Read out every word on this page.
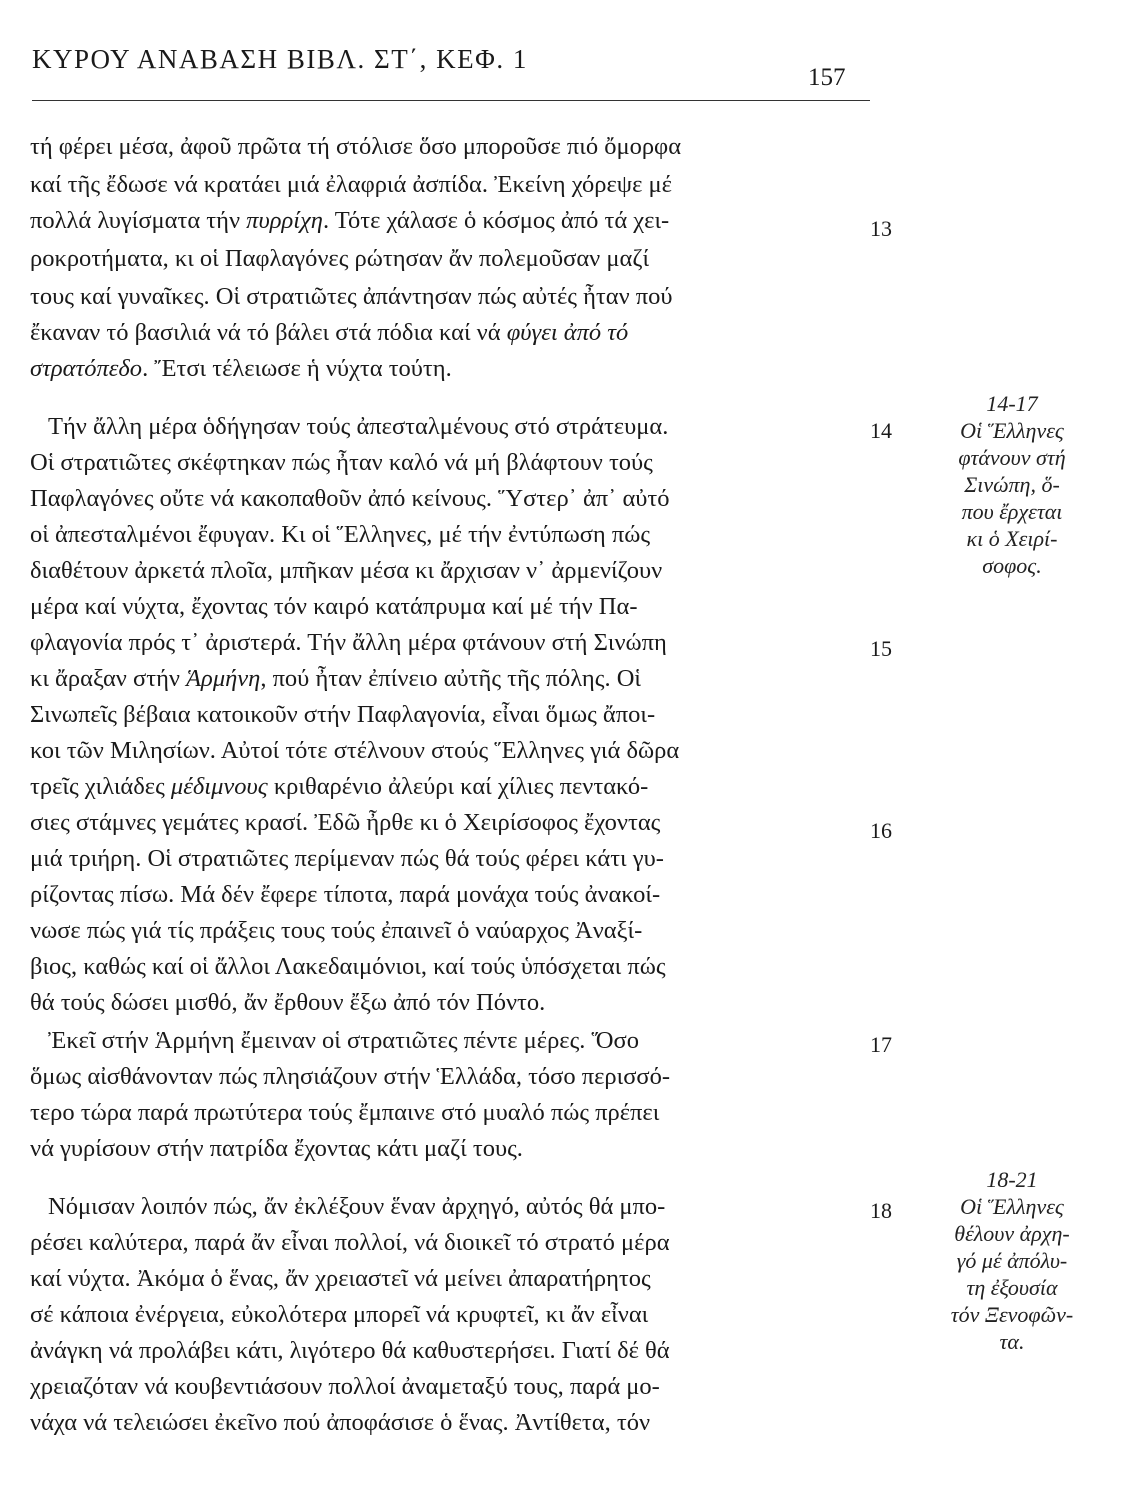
ΚΥΡΟΥ ΑΝΑΒΑΣΗ ΒΙΒΛ. ΣΤ΄, ΚΕΦ. 1
157
τή φέρει μέσα, ἀφοῦ πρῶτα τή στόλισε ὅσο μποροῦσε πιό ὄμορφα
καί τῆς ἔδωσε νά κρατάει μιά ἐλαφριά ἀσπίδα. Ἐκείνη χόρεψε μέ
πολλά λυγίσματα τήν πυρρίχη. Τότε χάλασε ὁ κόσμος ἀπό τά χει-
ροκροτήματα, κι οἱ Παφλαγόνες ρώτησαν ἄν πολεμοῦσαν μαζί
τους καί γυναῖκες. Οἱ στρατιῶτες ἀπάντησαν πώς αὐτές ἦταν πού
ἔκαναν τό βασιλιά νά τό βάλει στά πόδια καί νά φύγει ἀπό τό
στρατόπεδο. Ἔτσι τέλειωσε ἡ νύχτα τούτη.
Τήν ἄλλη μέρα ὁδήγησαν τούς ἀπεσταλμένους στό στράτευμα.
Οἱ στρατιῶτες σκέφτηκαν πώς ἦταν καλό νά μή βλάφτουν τούς
Παφλαγόνες οὔτε νά κακοπαθοῦν ἀπό κείνους. Ὕστερ᾽ ἀπ᾽ αὐτό
οἱ ἀπεσταλμένοι ἔφυγαν. Κι οἱ Ἕλληνες, μέ τήν ἐντύπωση πώς
διαθέτουν ἀρκετά πλοῖα, μπῆκαν μέσα κι ἄρχισαν ν᾽ ἀρμενίζουν
μέρα καί νύχτα, ἔχοντας τόν καιρό κατάπρυμα καί μέ τήν Πα-
φλαγονία πρός τ᾽ ἀριστερά. Τήν ἄλλη μέρα φτάνουν στή Σινώπη
κι ἄραξαν στήν Ἁρμήνη, πού ἦταν ἐπίνειο αὐτῆς τῆς πόλης. Οἱ
Σινωπεῖς βέβαια κατοικοῦν στήν Παφλαγονία, εἶναι ὅμως ἄποι-
κοι τῶν Μιλησίων. Αὐτοί τότε στέλνουν στούς Ἕλληνες γιά δῶρα
τρεῖς χιλιάδες μέδιμνους κριθαρένιο ἀλεύρι καί χίλιες πεντακό-
σιες στάμνες γεμάτες κρασί. Ἐδῶ ἦρθε κι ὁ Χειρίσοφος ἔχοντας
μιά τριήρη. Οἱ στρατιῶτες περίμεναν πώς θά τούς φέρει κάτι γυ-
ρίζοντας πίσω. Μά δέν ἔφερε τίποτα, παρά μονάχα τούς ἀνακοί-
νωσε πώς γιά τίς πράξεις τους τούς ἐπαινεῖ ὁ ναύαρχος Ἀναξί-
βιος, καθώς καί οἱ ἄλλοι Λακεδαιμόνιοι, καί τούς ὑπόσχεται πώς
θά τούς δώσει μισθό, ἄν ἔρθουν ἔξω ἀπό τόν Πόντο.
Ἐκεῖ στήν Ἁρμήνη ἔμειναν οἱ στρατιῶτες πέντε μέρες. Ὅσο
ὅμως αἰσθάνονταν πώς πλησιάζουν στήν Ἑλλάδα, τόσο περισσό-
τερο τώρα παρά πρωτύτερα τούς ἔμπαινε στό μυαλό πώς πρέπει
νά γυρίσουν στήν πατρίδα ἔχοντας κάτι μαζί τους.
Νόμισαν λοιπόν πώς, ἄν ἐκλέξουν ἕναν ἀρχηγό, αὐτός θά μπο-
ρέσει καλύτερα, παρά ἄν εἶναι πολλοί, νά διοικεῖ τό στρατό μέρα
καί νύχτα. Ἀκόμα ὁ ἕνας, ἄν χρειαστεῖ νά μείνει ἀπαρατήρητος
σέ κάποια ἐνέργεια, εὐκολότερα μπορεῖ νά κρυφτεῖ, κι ἄν εἶναι
ἀνάγκη νά προλάβει κάτι, λιγότερο θά καθυστερήσει. Γιατί δέ θά
χρειαζόταν νά κουβεντιάσουν πολλοί ἀναμεταξύ τους, παρά μο-
νάχα νά τελειώσει ἐκεῖνο πού ἀποφάσισε ὁ ἕνας. Ἀντίθετα, τόν
13
14
15
16
17
18
14-17
Οἱ Ἕλληνες
φτάνουν στή
Σινώπη, ὅ-
που ἔρχεται
κι ὁ Χειρί-
σοφος.
18-21
Οἱ Ἕλληνες
θέλουν ἀρχη-
γό μέ ἀπόλυ-
τη ἐξουσία
τόν Ξενοφῶν-
τα.
